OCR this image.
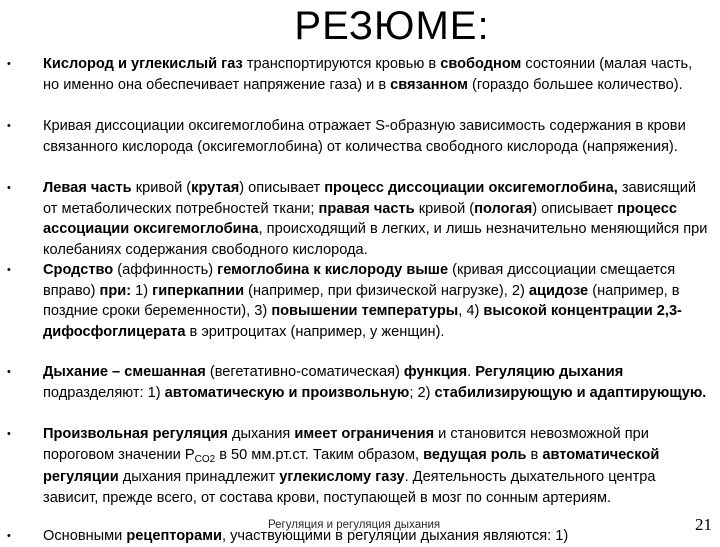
РЕЗЮМЕ:
• Кислород и углекислый газ транспортируются кровью в свободном состоянии (малая часть, но именно она обеспечивает напряжение газа) и в связанном (гораздо большее количество).
• Кривая диссоциации оксигемоглобина отражает S-образную зависимость содержания в крови связанного кислорода (оксигемоглобина) от количества свободного кислорода (напряжения).
• Левая часть кривой (крутая) описывает процесс диссоциации оксигемоглобина, зависящий от метаболических потребностей ткани; правая часть кривой (пологая) описывает процесс ассоциации оксигемоглобина, происходящий в легких, и лишь незначительно меняющийся при колебаниях содержания свободного кислорода.
• Сродство (аффинность) гемоглобина к кислороду выше (кривая диссоциации смещается вправо) при: 1) гиперкапнии (например, при физической нагрузке), 2) ацидозе (например, в поздние сроки беременности), 3) повышении температуры, 4) высокой концентрации 2,3-дифосфоглицерата в эритроцитах (например, у женщин).
• Дыхание – смешанная (вегетативно-соматическая) функция. Регуляцию дыхания подразделяют: 1) автоматическую и произвольную; 2) стабилизирующую и адаптирующую.
• Произвольная регуляция дыхания имеет ограничения и становится невозможной при пороговом значении $Р_{CO2}$ в 50 мм.рт.ст. Таким образом, ведущая роль в автоматической регуляции дыхания принадлежит углекислому газу. Деятельность дыхательного центра зависит, прежде всего, от состава крови, поступающей в мозг по сонным артериям.
• Основными рецепторами, участвующими в регуляции дыхания являются: 1)
Регуляция и регуляция дыхания	21
